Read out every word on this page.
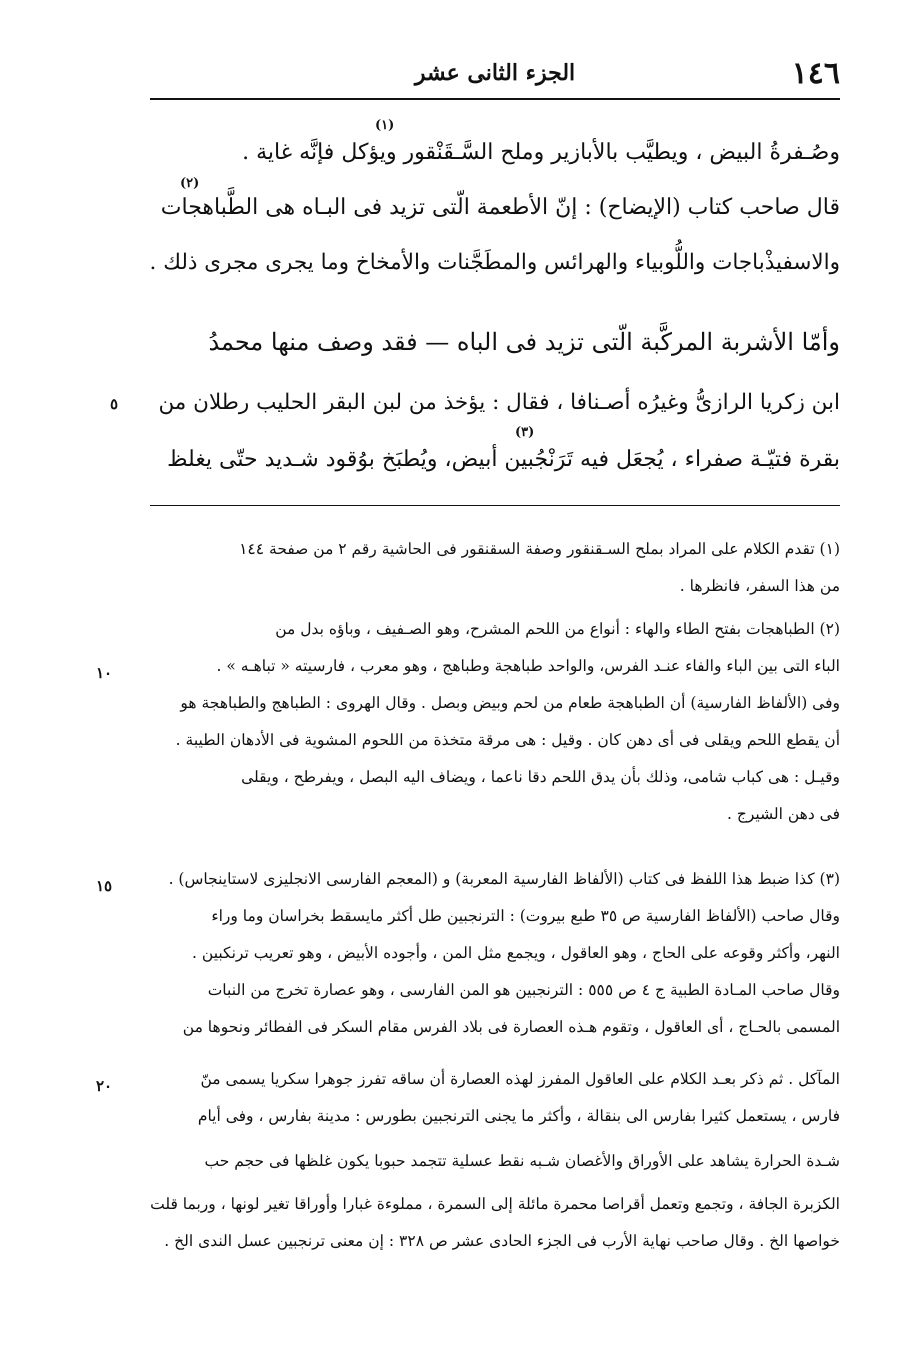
١٤٦
الجزء الثانى عشر
وصُـفرةُ البيض ، ويطيَّب بالأبازير وملح السَّـقَنْقور ويؤكل فإنَّه غاية .
قال صاحب كتاب (الإيضاح) : إنّ الأطعمة الّتى تزيد فى البـاه هى الطَّباهجات
والاسفيذْباجات واللُّوبياء والهرائس والمطَجَّنات والأمخاخ وما يجرى مجرى ذلك .
وأمّا الأشربة المركَّبة الّتى تزيد فى الباه — فقد وصف منها محمدُ
ابن زكريا الرازىُّ وغيرُه أصـنافا ، فقال : يؤخذ من لبن البقر الحليب رطلان من
بقرة فتيّـة صفراء ، يُجعَل فيه تَرَنْجُبين أبيض، ويُطبَخ بوُقود شـديد حتّى يغلظ
(١)
(٢)
(٣)
٥
(١) تقدم الكلام على المراد بملح السـقنقور وصفة السقنقور فى الحاشية رقم ٢ من صفحة ١٤٤
من هذا السفر، فانظرها .
(٢) الطباهجات بفتح الطاء والهاء : أنواع من اللحم المشرح، وهو الصـفيف ، وباؤه بدل من
الباء التى بين الباء والفاء عنـد الفرس، والواحد طباهجة وطباهج ، وهو معرب ، فارسيته « تباهـه » .
وفى (الألفاظ الفارسية) أن الطباهجة طعام من لحم وبيض وبصل . وقال الهروى : الطباهج والطباهجة هو
أن يقطع اللحم ويقلى فى أى دهن كان . وقيل : هى مرقة متخذة من اللحوم المشوية فى الأدهان الطيبة .
وقيـل : هى كباب شامى، وذلك بأن يدق اللحم دقا ناعما ، ويضاف اليه البصل ، ويفرطح ، ويقلى
فى دهن الشيرج .
(٣) كذا ضبط هذا اللفظ فى كتاب (الألفاظ الفارسية المعربة) و (المعجم الفارسى الانجليزى لاستاينجاس) .
وقال صاحب (الألفاظ الفارسية ص ٣٥ طبع بيروت) : الترنجبين طل أكثر مايسقط بخراسان وما وراء
النهر، وأكثر وقوعه على الحاج ، وهو العاقول ، ويجمع مثل المن ، وأجوده الأبيض ، وهو تعريب ترنكبين .
وقال صاحب المـادة الطبية ج ٤ ص ٥٥٥ : الترنجبين هو المن الفارسى ، وهو عصارة تخرج من النبات
المسمى بالحـاج ، أى العاقول ، وتقوم هـذه العصارة فى بلاد الفرس مقام السكر فى الفطائر ونحوها من
المآكل . ثم ذكر بعـد الكلام على العاقول المفرز لهذه العصارة أن ساقه تفرز جوهرا سكريا يسمى منّ
فارس ، يستعمل كثيرا بفارس الى بنقالة ، وأكثر ما يجنى الترنجبين بطورس : مدينة بفارس ، وفى أيام
شـدة الحرارة يشاهد على الأوراق والأغصان شـبه نقط عسلية تتجمد حبوبا يكون غلظها فى حجم حب
الكزبرة الجافة ، وتجمع وتعمل أقراصا محمرة مائلة إلى السمرة ، مملوءة غبارا وأوراقا تغير لونها ، وربما قلت
خواصها الخ . وقال صاحب نهاية الأرب فى الجزء الحادى عشر ص ٣٢٨ : إن معنى ترنجبين عسل الندى الخ .
١٠
١٥
٢٠
